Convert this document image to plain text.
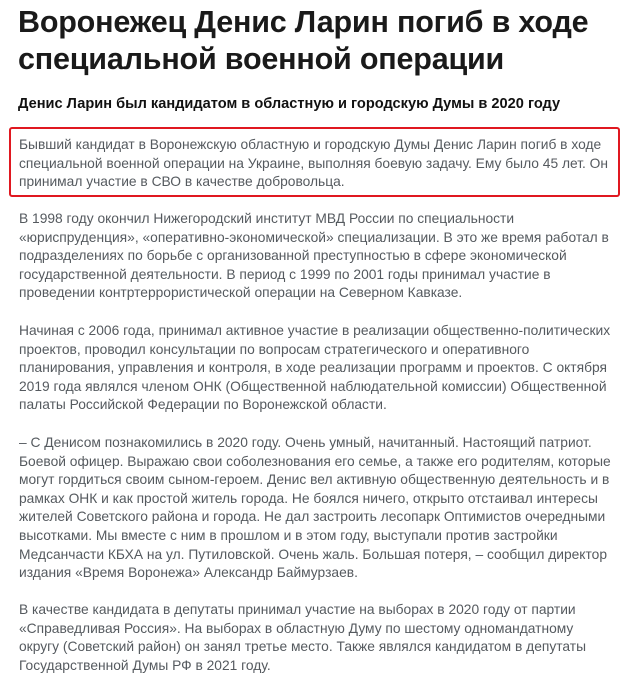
Воронежец Денис Ларин погиб в ходе специальной военной операции
Денис Ларин был кандидатом в областную и городскую Думы в 2020 году

Бывший кандидат в Воронежскую областную и городскую Думы Денис Ларин погиб в ходе специальной военной операции на Украине, выполняя боевую задачу. Ему было 45 лет. Он принимал участие в СВО в качестве добровольца.

В 1998 году окончил Нижегородский институт МВД России по специальности «юриспруденция», «оперативно-экономической» специализации. В это же время работал в подразделениях по борьбе с организованной преступностью в сфере экономической государственной деятельности. В период с 1999 по 2001 годы принимал участие в проведении контртеррористической операции на Северном Кавказе.

Начиная с 2006 года, принимал активное участие в реализации общественно-политических проектов, проводил консультации по вопросам стратегического и оперативного планирования, управления и контроля, в ходе реализации программ и проектов. С октября 2019 года являлся членом ОНК (Общественной наблюдательной комиссии) Общественной палаты Российской Федерации по Воронежской области.

– С Денисом познакомились в 2020 году. Очень умный, начитанный. Настоящий патриот. Боевой офицер. Выражаю свои соболезнования его семье, а также его родителям, которые могут гордиться своим сыном-героем. Денис вел активную общественную деятельность и в рамках ОНК и как простой житель города. Не боялся ничего, открыто отстаивал интересы жителей Советского района и города. Не дал застроить лесопарк Оптимистов очередными высотками. Мы вместе с ним в прошлом и в этом году, выступали против застройки Медсанчасти КБХА на ул. Путиловской. Очень жаль. Большая потеря, – сообщил директор издания «Время Воронежа» Александр Баймурзаев.

В качестве кандидата в депутаты принимал участие на выборах в 2020 году от партии «Справедливая Россия». На выборах в областную Думу по шестому одномандатному округу (Советский район) он занял третье место. Также являлся кандидатом в депутаты Государственной Думы РФ в 2021 году.
